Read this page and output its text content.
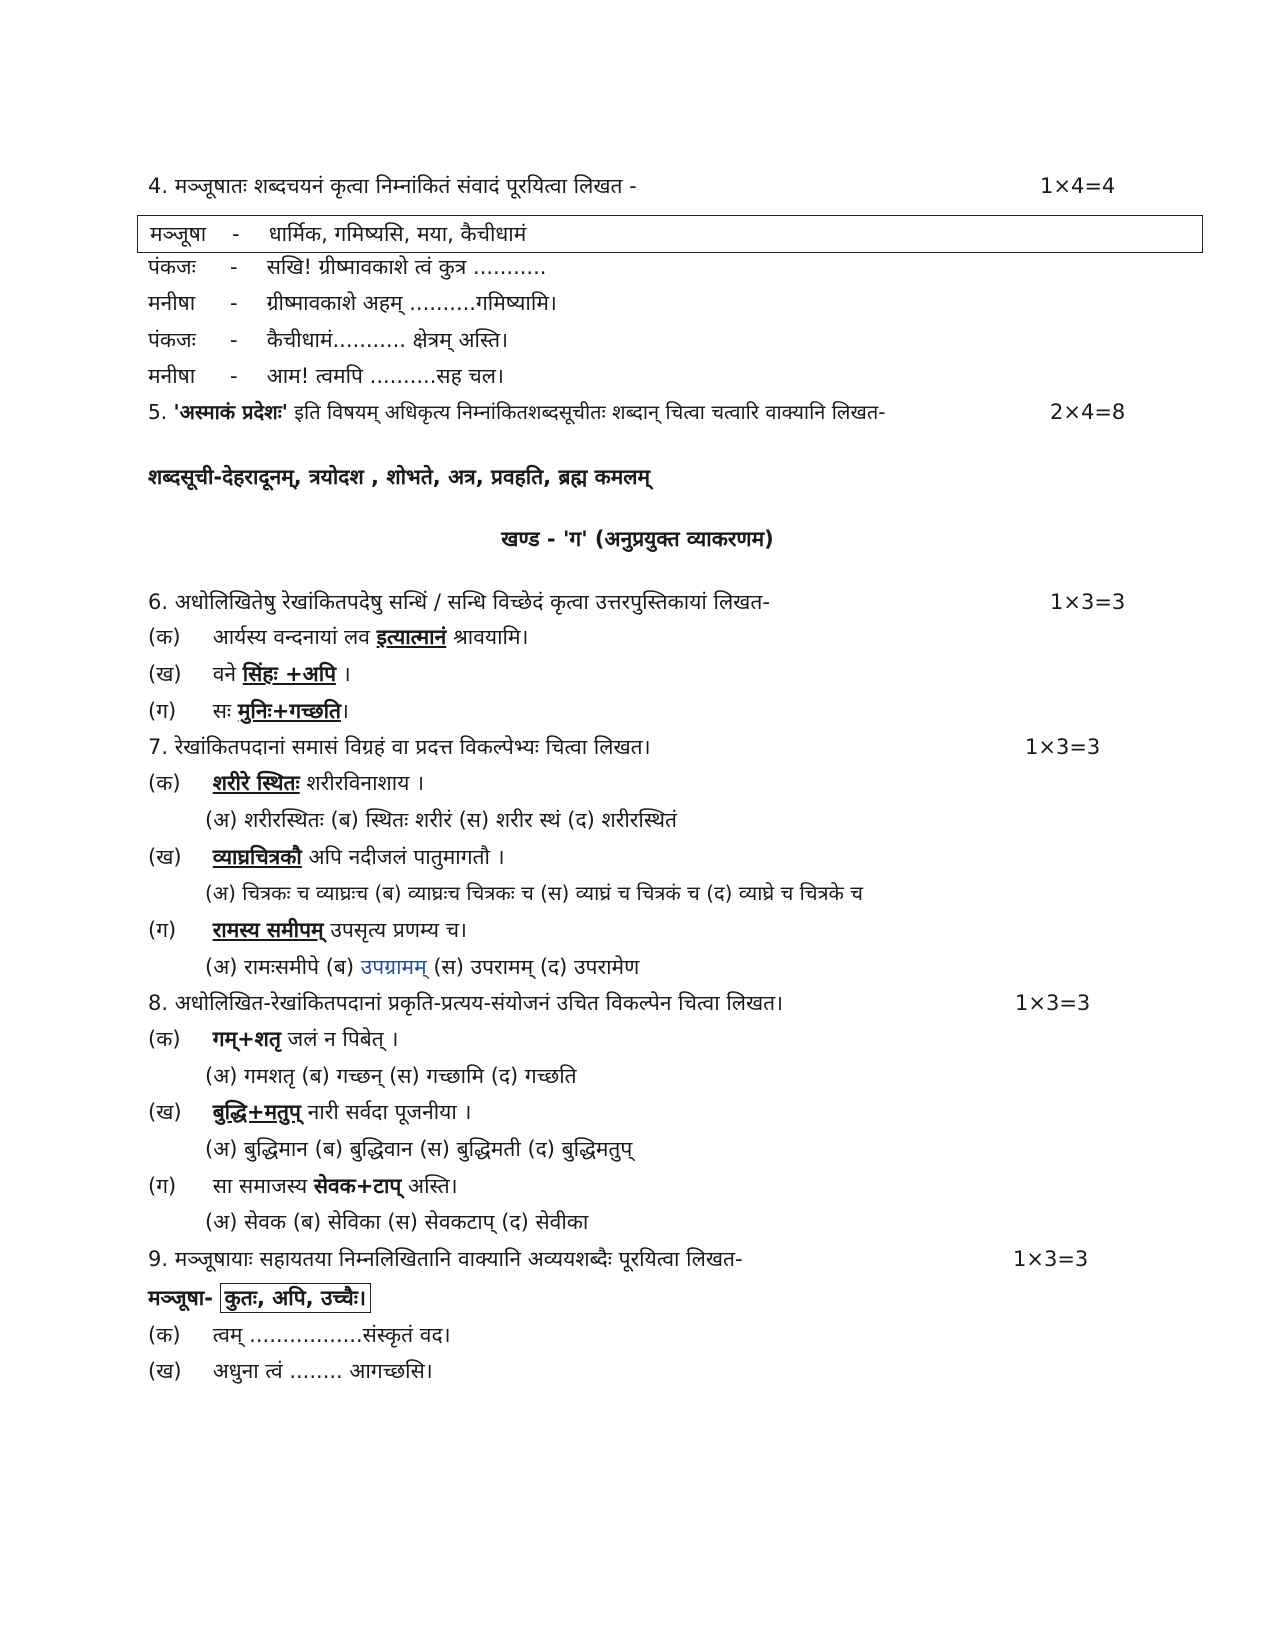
4. मञ्जूषातः शब्दचयनं कृत्वा निम्नांकितं संवादं पूरयित्वा लिखत -	1×4=4
मञ्जूषा - धार्मिक, गमिष्यसि, मया, कैचीधामं
पंकजः - सखि! ग्रीष्मावकाशे त्वं कुत्र ...........
मनीषा - ग्रीष्मावकाशे अहम् ..........गमिष्यामि।
पंकजः - कैचीधामं........... क्षेत्रम् अस्ति।
मनीषा - आम! त्वमपि ..........सह चल।
5. 'अस्माकं प्रदेशः' इति विषयम् अधिकृत्य निम्नांकितशब्दसूचीतः शब्दान् चित्वा चत्वारि वाक्यानि लिखत-	2×4=8
शब्दसूची-देहरादूनम्, त्रयोदश , शोभते, अत्र, प्रवहति, ब्रह्म कमलम्
खण्ड - 'ग' (अनुप्रयुक्त व्याकरणम)
6. अधोलिखितेषु रेखांकितपदेषु सन्धिं / सन्धि विच्छेदं कृत्वा उत्तरपुस्तिकायां लिखत-	1×3=3
(क) आर्यस्य वन्दनायां लव इत्यात्मानं श्रावयामि।
(ख) वने सिंहः +अपि ।
(ग) सः मुनिः+गच्छति।
7. रेखांकितपदानां समासं विग्रहं वा प्रदत्त विकल्पेभ्यः चित्वा लिखत।	1×3=3
(क) शरीरे स्थितः शरीरविनाशाय ।
(अ) शरीरस्थितः (ब) स्थितः शरीरं (स) शरीर स्थं (द) शरीरस्थितं
(ख) व्याघ्रचित्रकौ अपि नदीजलं पातुमागतौ ।
(अ) चित्रकः च व्याघ्रःच (ब) व्याघ्रःच चित्रकः च (स) व्याघ्रं च चित्रकं च (द) व्याघ्रे च चित्रके च
(ग) रामस्य समीपम् उपसृत्य प्रणम्य च।
(अ) रामःसमीपे (ब) उपग्रामम् (स) उपरामम् (द) उपरामेण
8. अधोलिखित-रेखांकितपदानां प्रकृति-प्रत्यय-संयोजनं उचित विकल्पेन चित्वा लिखत।	1×3=3
(क) गम्+शतृ जलं न पिबेत् ।
(अ) गमशतृ (ब) गच्छन् (स) गच्छामि (द) गच्छति
(ख) बुद्धि+मतुप् नारी सर्वदा पूजनीया ।
(अ) बुद्धिमान (ब) बुद्धिवान (स) बुद्धिमती (द) बुद्धिमतुप्
(ग) सा समाजस्य सेवक+टाप् अस्ति।
(अ) सेवक (ब) सेविका (स) सेवकटाप् (द) सेवीका
9. मञ्जूषायाः सहायतया निम्नलिखितानि वाक्यानि अव्ययशब्दैः पूरयित्वा लिखत-	1×3=3
मञ्जूषा- कुतः, अपि, उच्चैः।
(क) त्वम् .................संस्कृतं वद।
(ख) अधुना त्वं ........ आगच्छसि।
